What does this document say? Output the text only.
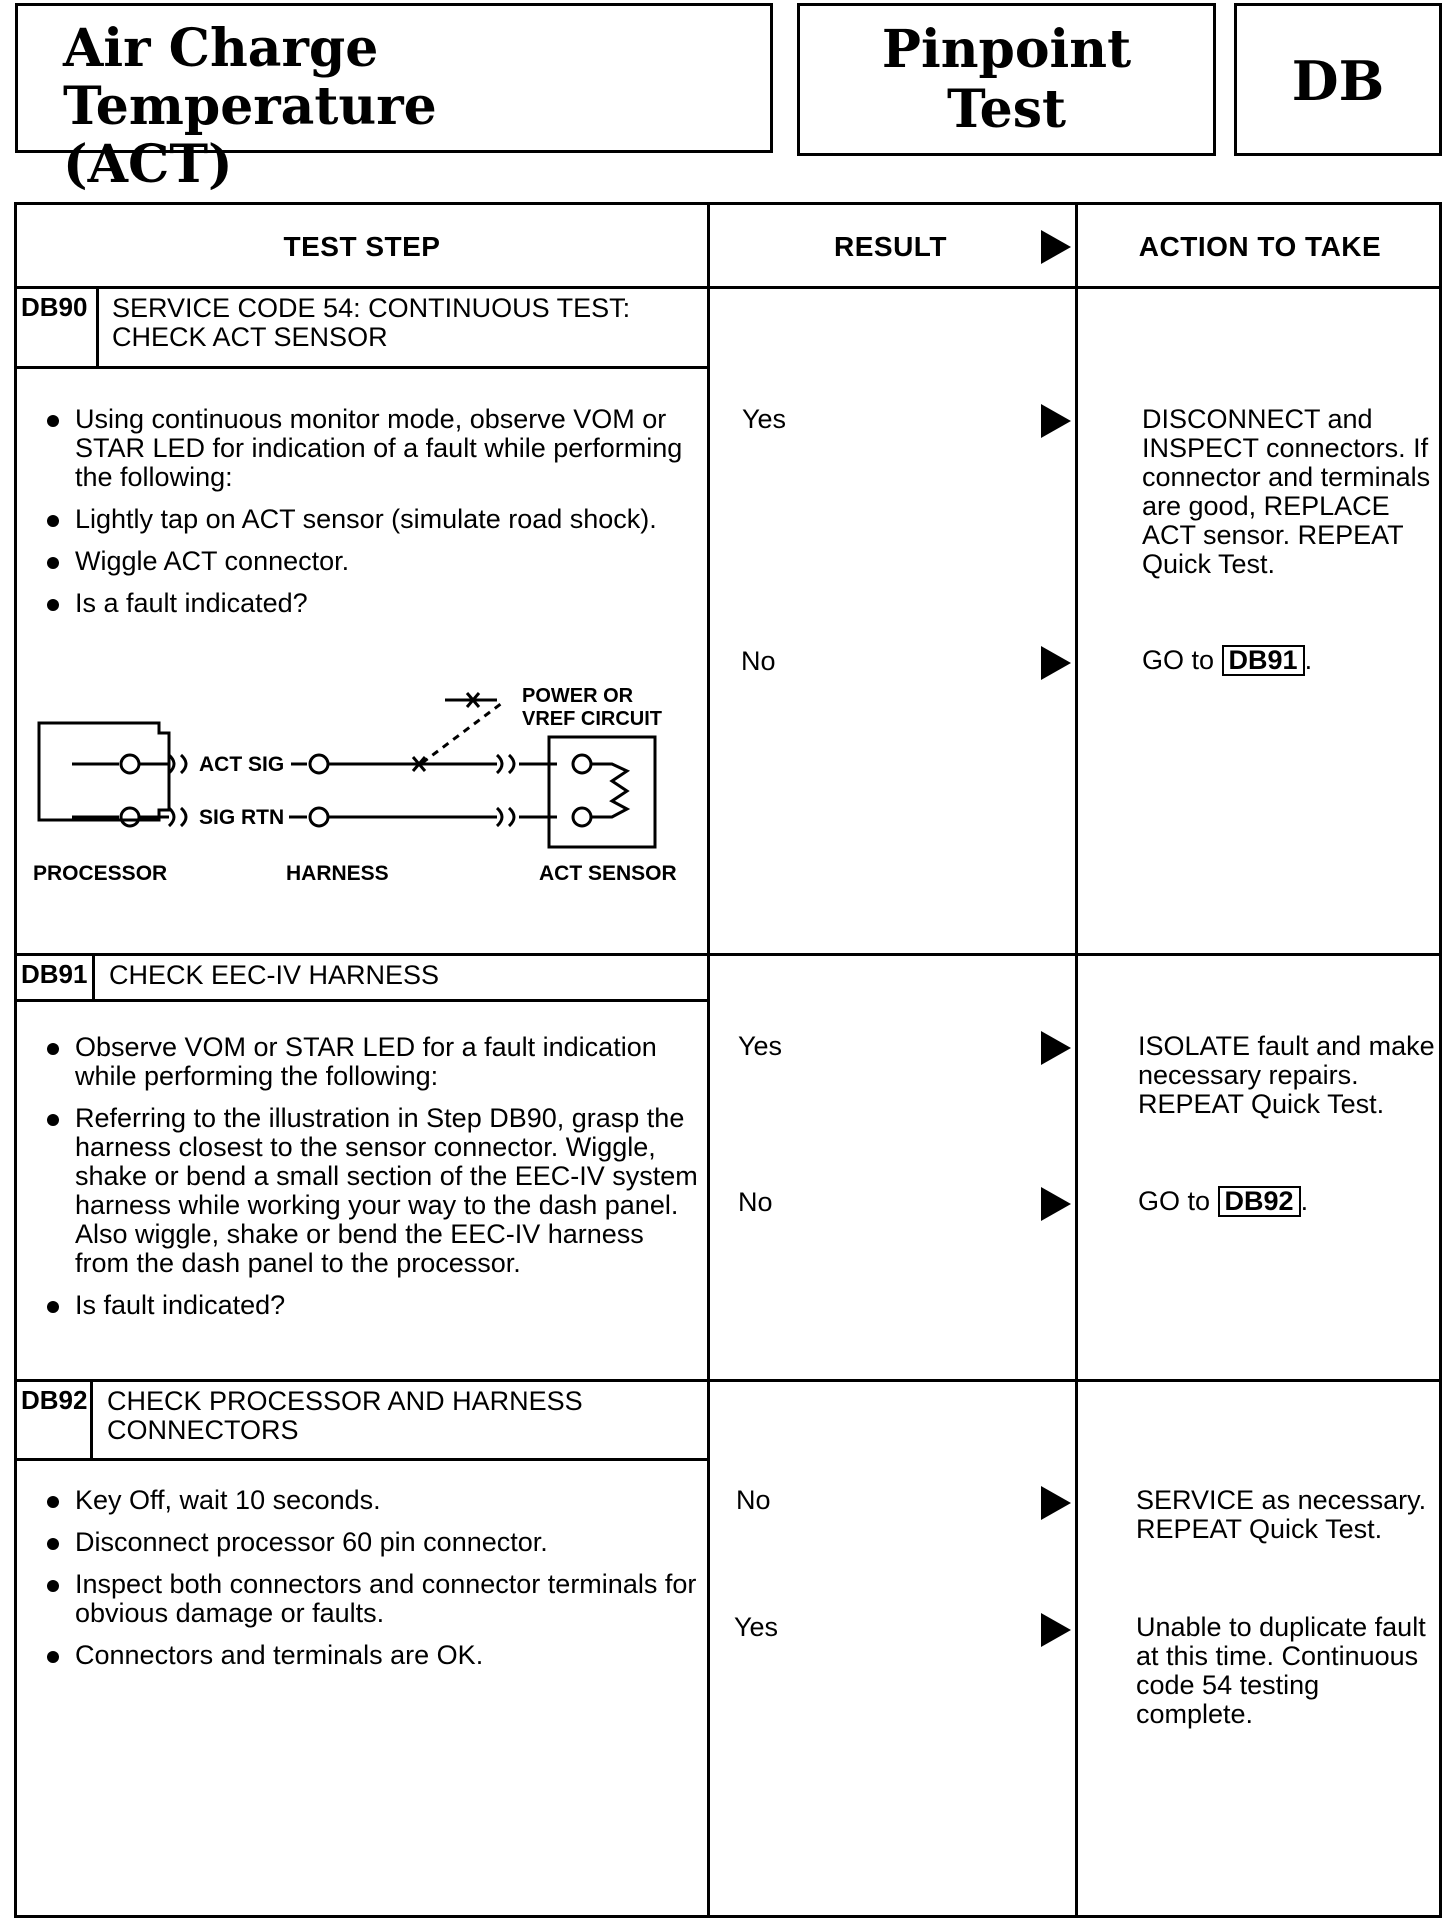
Air Charge Temperature
(ACT)
Pinpoint
Test	DB
TEST STEP	RESULT	ACTION TO TAKE
DB90 SERVICE CODE 54: CONTINUOUS TEST:
CHECK ACT SENSOR
Using continuous monitor mode, observe VOM or STAR LED for indication of a fault while performing the following:
Lightly tap on ACT sensor (simulate road shock).
Wiggle ACT connector.
Is a fault indicated?
POWER OR
VREF CIRCUIT
ACT SIG
SIG RTN
PROCESSOR	HARNESS	ACT SENSOR
Yes	DISCONNECT and INSPECT connectors. If connector and terminals are good, REPLACE ACT sensor. REPEAT Quick Test.
No	GO to DB91 .
DB91 CHECK EEC-IV HARNESS
Observe VOM or STAR LED for a fault indication while performing the following:
Referring to the illustration in Step DB90, grasp the harness closest to the sensor connector. Wiggle, shake or bend a small section of the EEC-IV system harness while working your way to the dash panel. Also wiggle, shake or bend the EEC-IV harness from the dash panel to the processor.
Is fault indicated?
Yes	ISOLATE fault and make necessary repairs. REPEAT Quick Test.
No	GO to DB92 .
DB92 CHECK PROCESSOR AND HARNESS
CONNECTORS
Key Off, wait 10 seconds.
Disconnect processor 60 pin connector.
Inspect both connectors and connector terminals for obvious damage or faults.
Connectors and terminals are OK.
No	SERVICE as necessary. REPEAT Quick Test.
Yes	Unable to duplicate fault at this time. Continuous code 54 testing complete.
